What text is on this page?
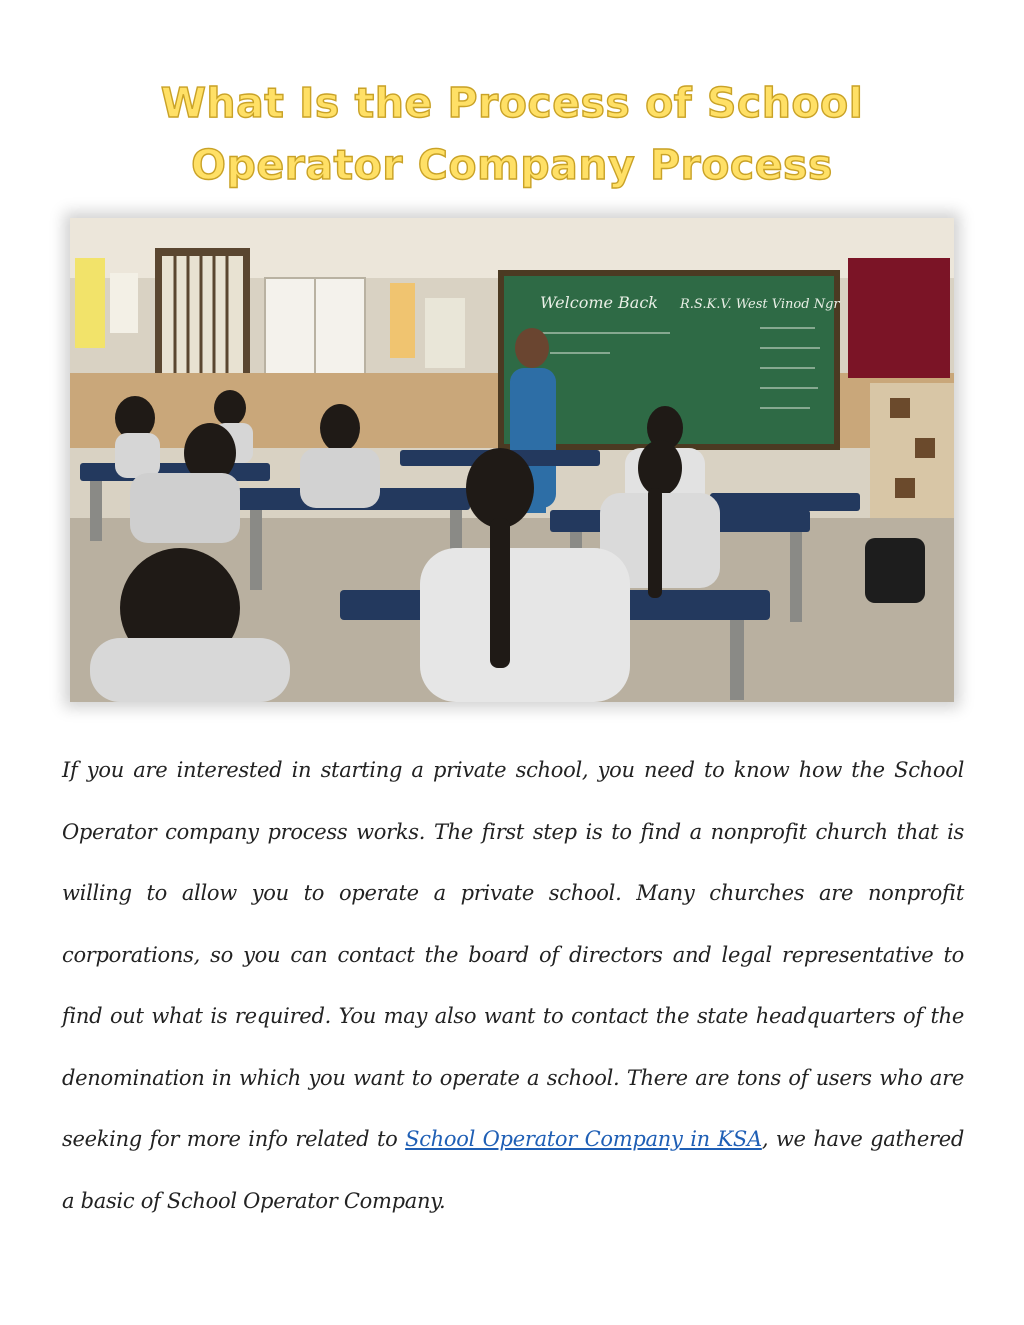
What Is the Process of School
Operator Company Process
Welcome Back R.S.K.V. West Vinod Ngr
If you are interested in starting a private school, you need to know how the School Operator company process works. The first step is to find a nonprofit church that is willing to allow you to operate a private school. Many churches are nonprofit corporations, so you can contact the board of directors and legal representative to find out what is required. You may also want to contact the state headquarters of the denomination in which you want to operate a school. There are tons of users who are seeking for more info related to School Operator Company in KSA, we have gathered a basic of School Operator Company.
